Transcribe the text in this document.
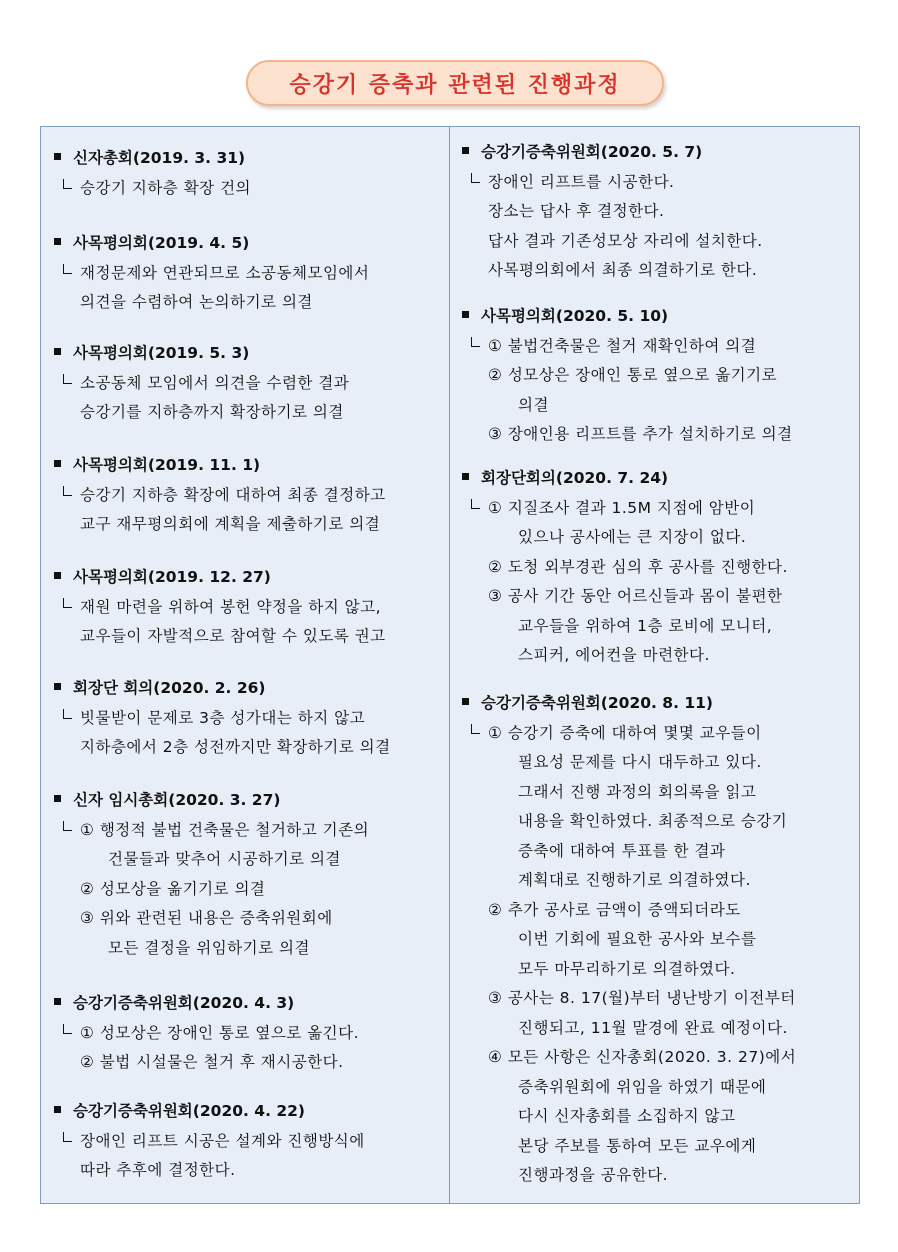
승강기 증축과 관련된 진행과정
신자총회(2019. 3. 31)
승강기 지하층 확장 건의
사목평의회(2019. 4. 5)
재정문제와 연관되므로 소공동체모임에서
의견을 수렴하여 논의하기로 의결
사목평의회(2019. 5. 3)
소공동체 모임에서 의견을 수렴한 결과
승강기를 지하층까지 확장하기로 의결
사목평의회(2019. 11. 1)
승강기 지하층 확장에 대하여 최종 결정하고
교구 재무평의회에 계획을 제출하기로 의결
사목평의회(2019. 12. 27)
재원 마련을 위하여 봉헌 약정을 하지 않고,
교우들이 자발적으로 참여할 수 있도록 권고
회장단 회의(2020. 2. 26)
빗물받이 문제로 3층 성가대는 하지 않고
지하층에서 2층 성전까지만 확장하기로 의결
신자 임시총회(2020. 3. 27)
① 행정적 불법 건축물은 철거하고 기존의
건물들과 맞추어 시공하기로 의결
② 성모상을 옮기기로 의결
③ 위와 관련된 내용은 증축위원회에
모든 결정을 위임하기로 의결
승강기증축위원회(2020. 4. 3)
① 성모상은 장애인 통로 옆으로 옮긴다.
② 불법 시설물은 철거 후 재시공한다.
승강기증축위원회(2020. 4. 22)
장애인 리프트 시공은 설계와 진행방식에
따라 추후에 결정한다.
승강기증축위원회(2020. 5. 7)
장애인 리프트를 시공한다.
장소는 답사 후 결정한다.
답사 결과 기존성모상 자리에 설치한다.
사목평의회에서 최종 의결하기로 한다.
사목평의회(2020. 5. 10)
① 불법건축물은 철거 재확인하여 의결
② 성모상은 장애인 통로 옆으로 옮기기로
의결
③ 장애인용 리프트를 추가 설치하기로 의결
회장단회의(2020. 7. 24)
① 지질조사 결과 1.5M 지점에 암반이
있으나 공사에는 큰 지장이 없다.
② 도청 외부경관 심의 후 공사를 진행한다.
③ 공사 기간 동안 어르신들과 몸이 불편한
교우들을 위하여 1층 로비에 모니터,
스피커, 에어컨을 마련한다.
승강기증축위원회(2020. 8. 11)
① 승강기 증축에 대하여 몇몇 교우들이
필요성 문제를 다시 대두하고 있다.
그래서 진행 과정의 회의록을 읽고
내용을 확인하였다. 최종적으로 승강기
증축에 대하여 투표를 한 결과
계획대로 진행하기로 의결하였다.
② 추가 공사로 금액이 증액되더라도
이번 기회에 필요한 공사와 보수를
모두 마무리하기로 의결하였다.
③ 공사는 8. 17(월)부터 냉난방기 이전부터
진행되고, 11월 말경에 완료 예정이다.
④ 모든 사항은 신자총회(2020. 3. 27)에서
증축위원회에 위임을 하였기 때문에
다시 신자총회를 소집하지 않고
본당 주보를 통하여 모든 교우에게
진행과정을 공유한다.
